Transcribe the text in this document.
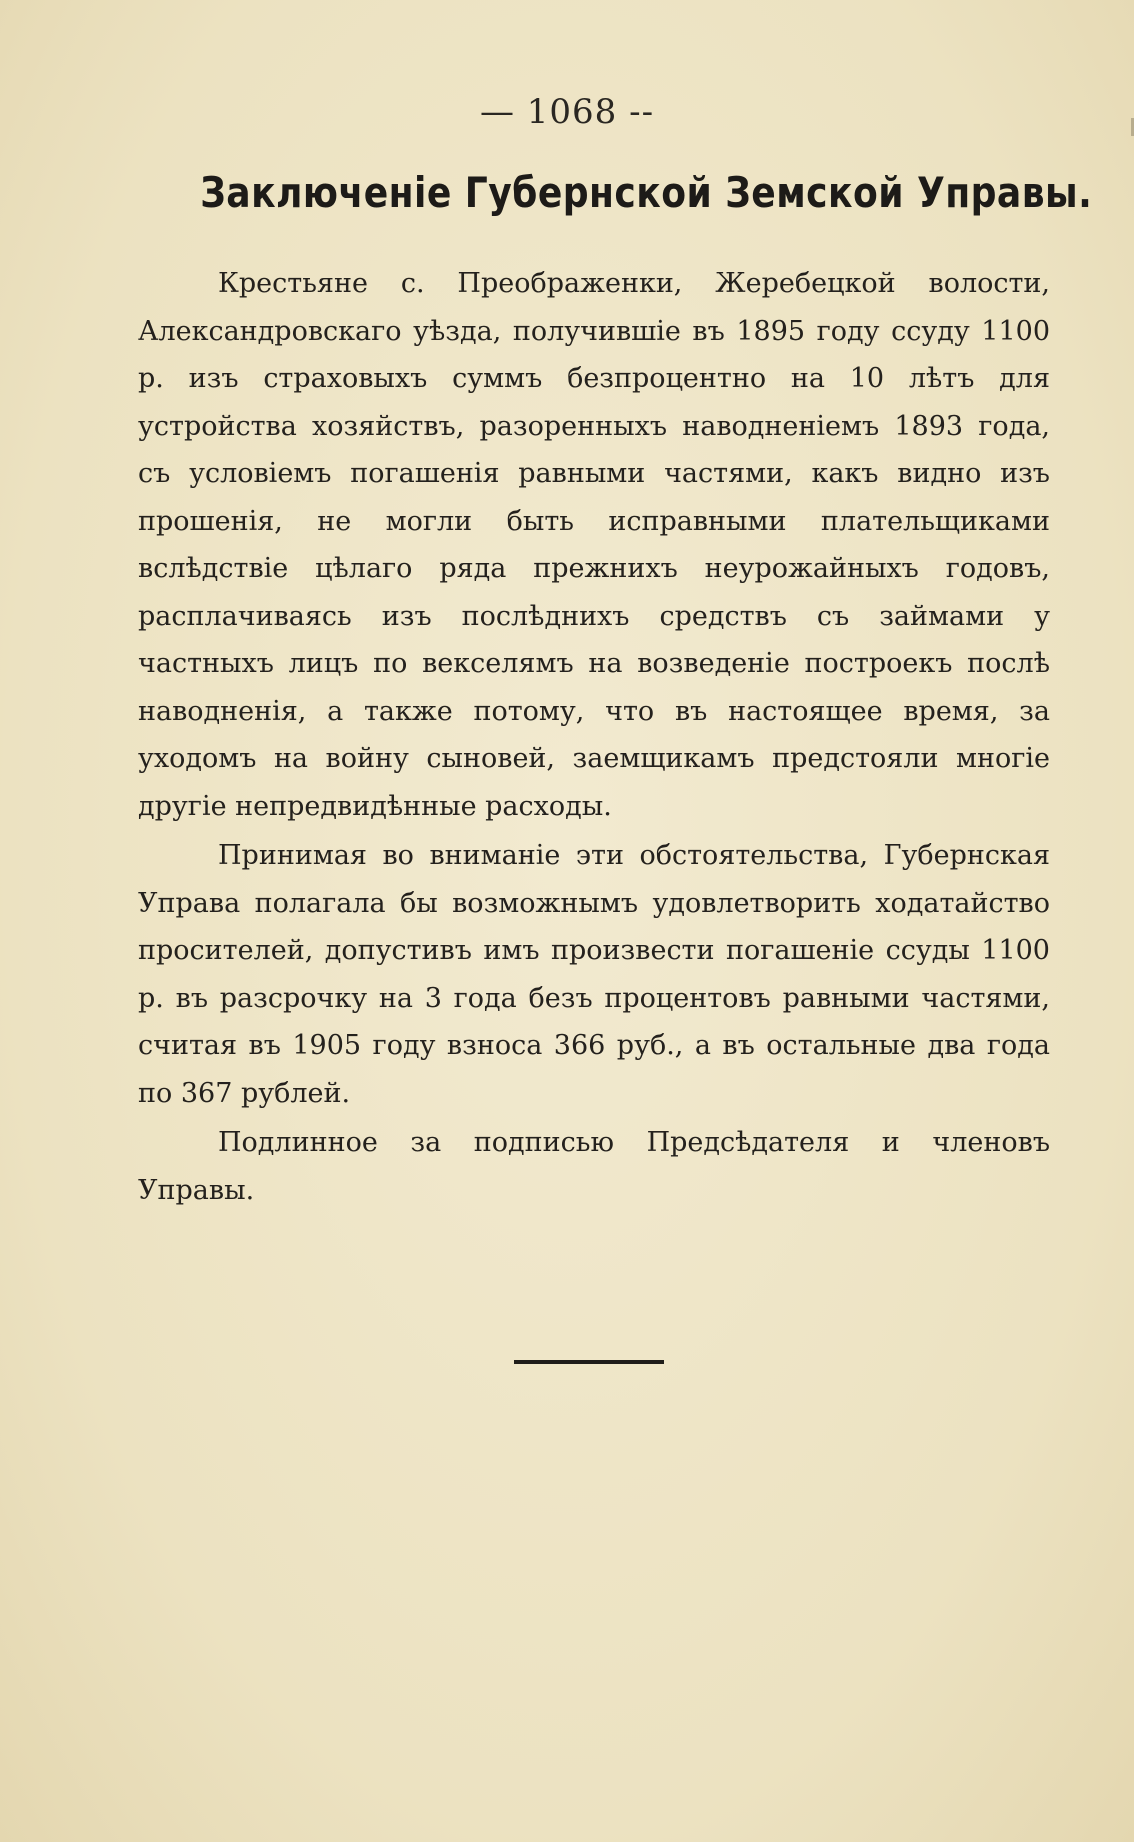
— 1068 --
Заключеніе Губернской Земской Управы.

Крестьяне с. Преображенки, Жеребецкой волости, Александровскаго уѣзда, получившіе въ 1895 году ссуду 1100 р. изъ страховыхъ суммъ безпроцентно на 10 лѣтъ для устройства хозяйствъ, разоренныхъ наводненіемъ 1893 года, съ условіемъ погашенія равными частями, какъ видно изъ прошенія, не могли быть исправными плательщиками вслѣдствіе цѣлаго ряда прежнихъ неурожайныхъ годовъ, расплачиваясь изъ послѣднихъ средствъ съ займами у частныхъ лицъ по векселямъ на возведеніе построекъ послѣ наводненія, а также потому, что въ настоящее время, за уходомъ на войну сыновей, заемщикамъ предстояли многіе другіе непредвидѣнные расходы.

Принимая во вниманіе эти обстоятельства, Губернская Управа полагала бы возможнымъ удовлетворить ходатайство просителей, допустивъ имъ произвести погашеніе ссуды 1100 р. въ разсрочку на 3 года безъ процентовъ равными частями, считая въ 1905 году взноса 366 руб., а въ остальные два года по 367 рублей.

Подлинное за подписью Предсѣдателя и членовъ Управы.
